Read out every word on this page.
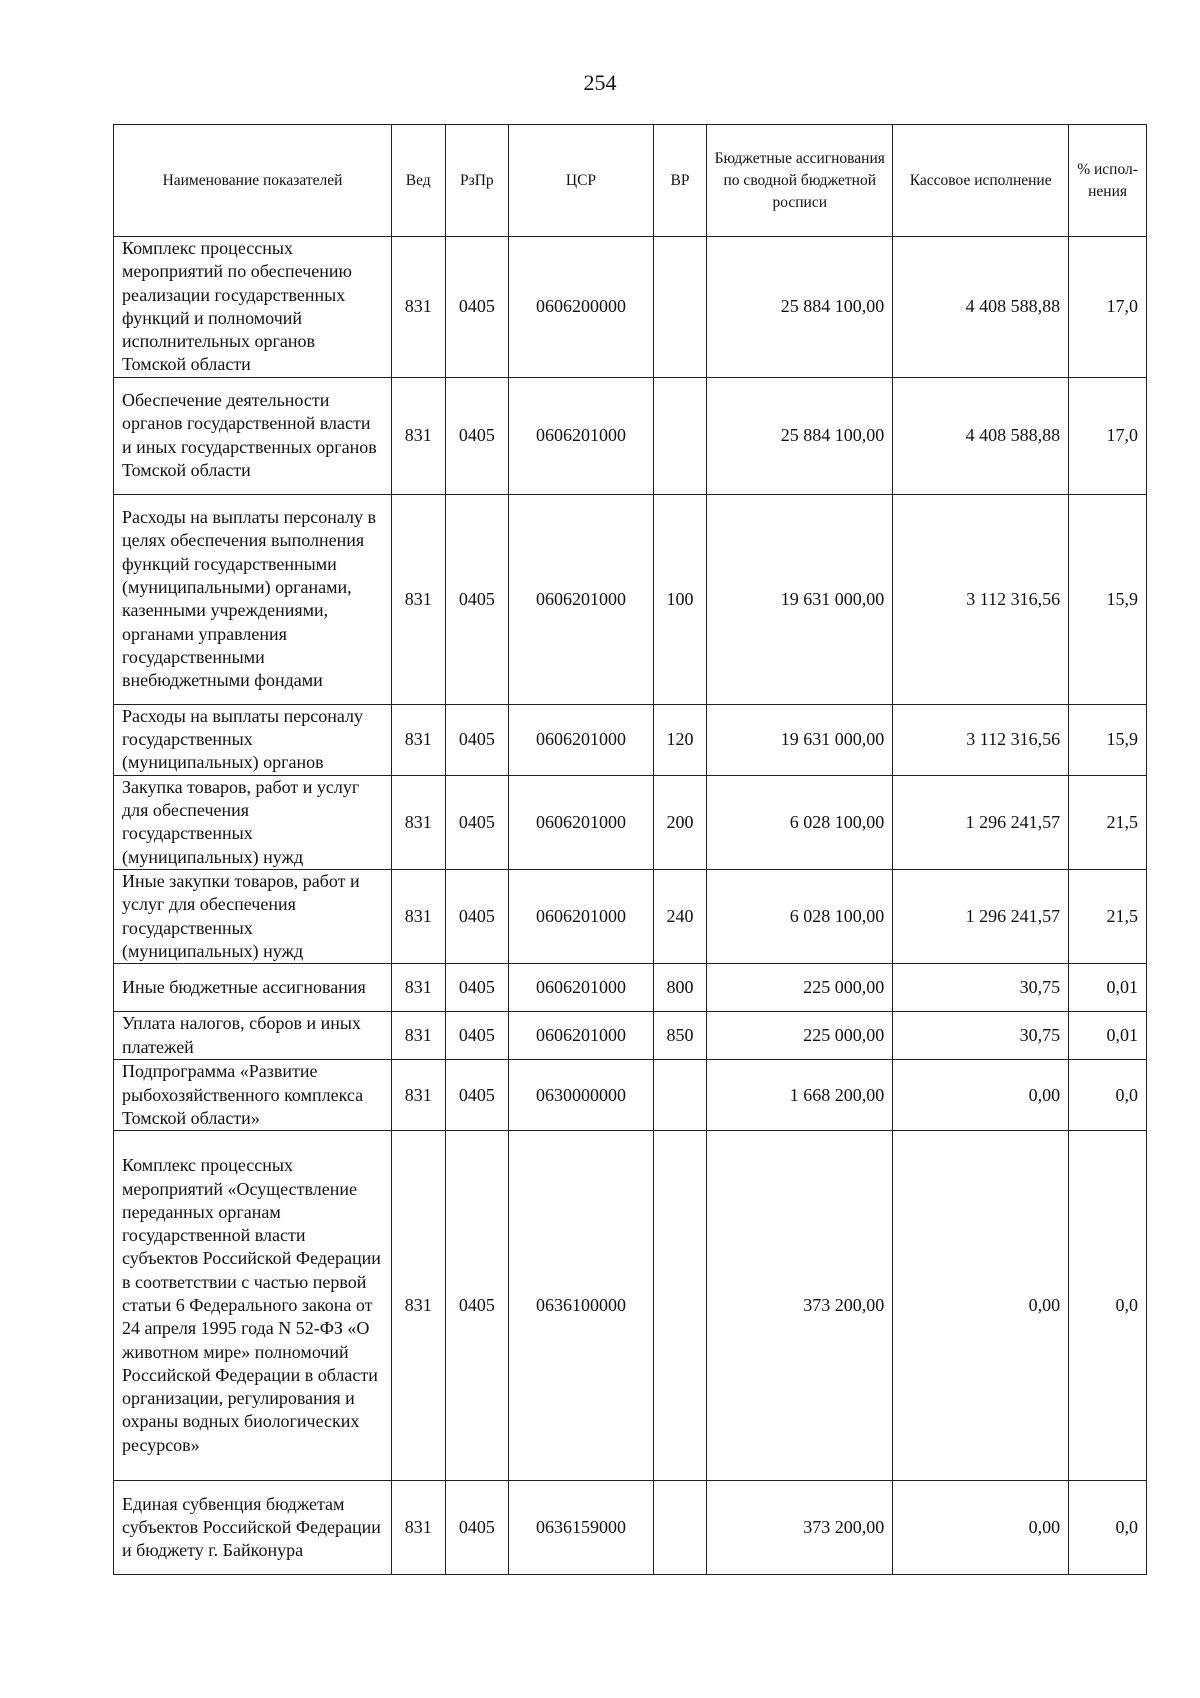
254
Наименование показателей	Вед	РзПр	ЦСР	ВР	Бюджетные ассигнования по сводной бюджетной росписи	Кассовое исполнение	% испол-нения
Комплекс процессных мероприятий по обеспечению реализации государственных функций и полномочий исполнительных органов Томской области	831	0405	0606200000		25 884 100,00	4 408 588,88	17,0
Обеспечение деятельности органов государственной власти и иных государственных органов Томской области	831	0405	0606201000		25 884 100,00	4 408 588,88	17,0
Расходы на выплаты персоналу в целях обеспечения выполнения функций государственными (муниципальными) органами, казенными учреждениями, органами управления государственными внебюджетными фондами	831	0405	0606201000	100	19 631 000,00	3 112 316,56	15,9
Расходы на выплаты персоналу государственных (муниципальных) органов	831	0405	0606201000	120	19 631 000,00	3 112 316,56	15,9
Закупка товаров, работ и услуг для обеспечения государственных (муниципальных) нужд	831	0405	0606201000	200	6 028 100,00	1 296 241,57	21,5
Иные закупки товаров, работ и услуг для обеспечения государственных (муниципальных) нужд	831	0405	0606201000	240	6 028 100,00	1 296 241,57	21,5
Иные бюджетные ассигнования	831	0405	0606201000	800	225 000,00	30,75	0,01
Уплата налогов, сборов и иных платежей	831	0405	0606201000	850	225 000,00	30,75	0,01
Подпрограмма «Развитие рыбохозяйственного комплекса Томской области»	831	0405	0630000000		1 668 200,00	0,00	0,0
Комплекс процессных мероприятий «Осуществление переданных органам государственной власти субъектов Российской Федерации в соответствии с частью первой статьи 6 Федерального закона от 24 апреля 1995 года N 52-ФЗ «О животном мире» полномочий Российской Федерации в области организации, регулирования и охраны водных биологических ресурсов»	831	0405	0636100000		373 200,00	0,00	0,0
Единая субвенция бюджетам субъектов Российской Федерации и бюджету г. Байконура	831	0405	0636159000		373 200,00	0,00	0,0
